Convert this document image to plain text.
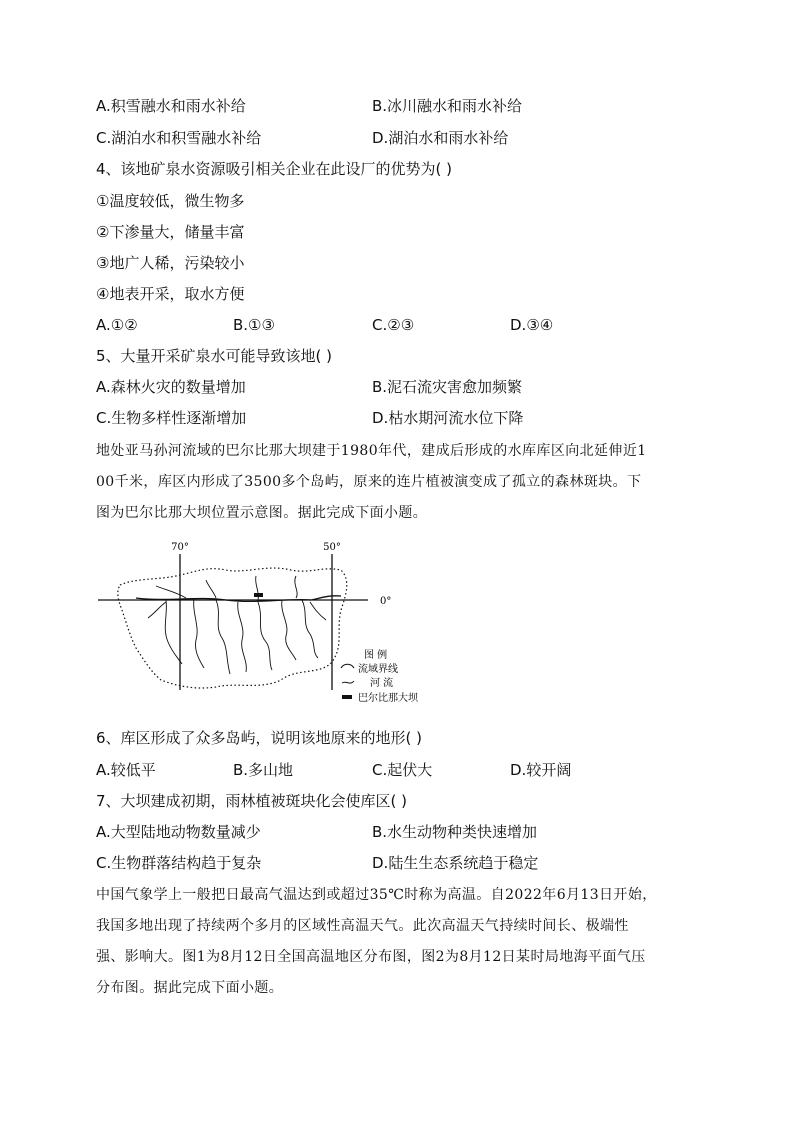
A.积雪融水和雨水补给	B.冰川融水和雨水补给
C.湖泊水和积雪融水补给	D.湖泊水和雨水补给
4、该地矿泉水资源吸引相关企业在此设厂的优势为( )
①温度较低，微生物多
②下渗量大，储量丰富
③地广人稀，污染较小
④地表开采，取水方便
A.①②	B.①③	C.②③	D.③④
5、大量开采矿泉水可能导致该地( )
A.森林火灾的数量增加	B.泥石流灾害愈加频繁
C.生物多样性逐渐增加	D.枯水期河流水位下降

地处亚马孙河流域的巴尔比那大坝建于1980年代，建成后形成的水库库区向北延伸近1

00千米，库区内形成了3500多个岛屿，原来的连片植被演变成了孤立的森林斑块。下

图为巴尔比那大坝位置示意图。据此完成下面小题。

70°	50°
0°
图 例
流域界线
河 流
巴尔比那大坝
6、库区形成了众多岛屿，说明该地原来的地形( )
A.较低平	B.多山地	C.起伏大	D.较开阔
7、大坝建成初期，雨林植被斑块化会使库区( )
A.大型陆地动物数量减少	B.水生动物种类快速增加
C.生物群落结构趋于复杂	D.陆生生态系统趋于稳定

中国气象学上一般把日最高气温达到或超过35℃时称为高温。自2022年6月13日开始，

我国多地出现了持续两个多月的区域性高温天气。此次高温天气持续时间长、极端性

强、影响大。图1为8月12日全国高温地区分布图，图2为8月12日某时局地海平面气压

分布图。据此完成下面小题。
